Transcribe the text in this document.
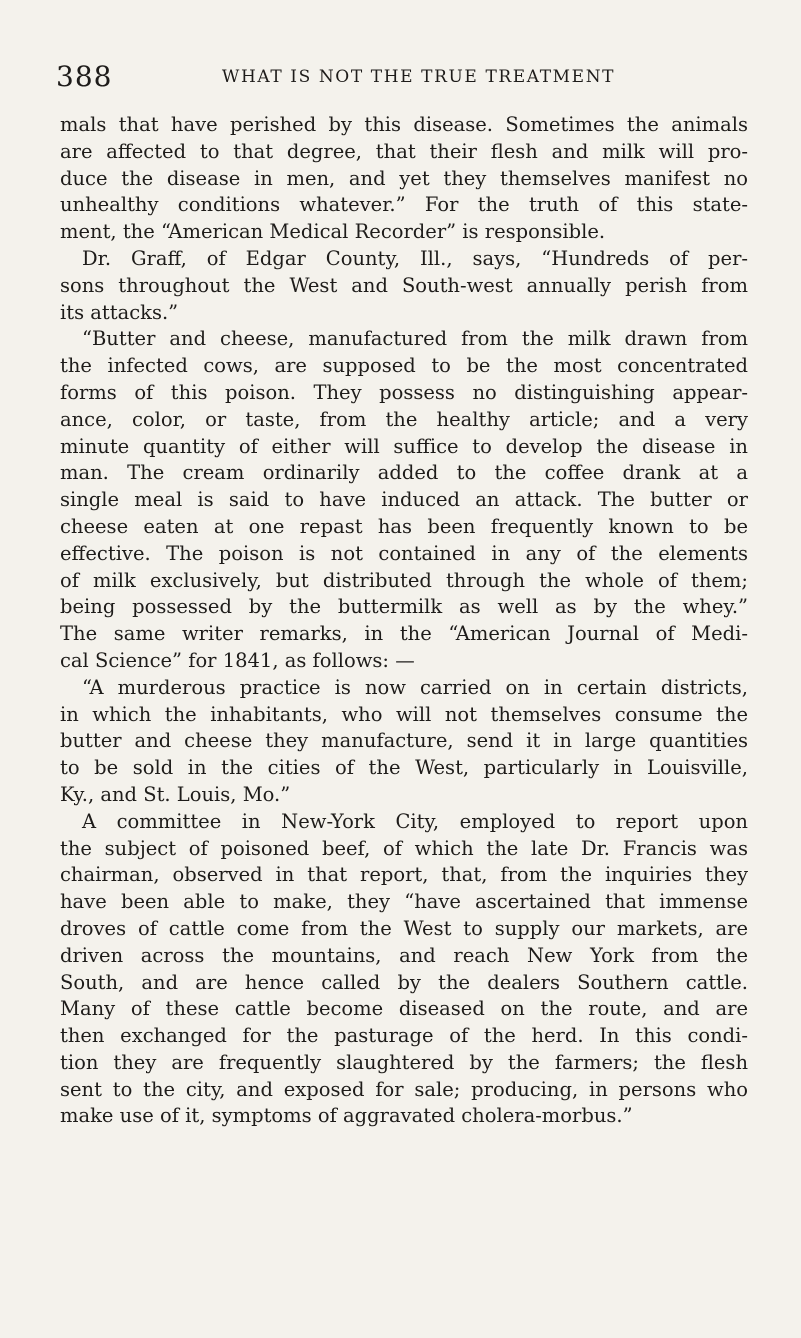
388	WHAT IS NOT THE TRUE TREATMENT
mals that have perished by this disease. Sometimes the animals
are affected to that degree, that their flesh and milk will pro-
duce the disease in men, and yet they themselves manifest no
unhealthy conditions whatever.” For the truth of this state-
ment, the “American Medical Recorder” is responsible.
Dr. Graff, of Edgar County, Ill., says, “Hundreds of per-
sons throughout the West and South-west annually perish from
its attacks.”
“Butter and cheese, manufactured from the milk drawn from
the infected cows, are supposed to be the most concentrated
forms of this poison. They possess no distinguishing appear-
ance, color, or taste, from the healthy article; and a very
minute quantity of either will suffice to develop the disease in
man. The cream ordinarily added to the coffee drank at a
single meal is said to have induced an attack. The butter or
cheese eaten at one repast has been frequently known to be
effective. The poison is not contained in any of the elements
of milk exclusively, but distributed through the whole of them;
being possessed by the buttermilk as well as by the whey.”
The same writer remarks, in the “American Journal of Medi-
cal Science” for 1841, as follows: —
“A murderous practice is now carried on in certain districts,
in which the inhabitants, who will not themselves consume the
butter and cheese they manufacture, send it in large quantities
to be sold in the cities of the West, particularly in Louisville,
Ky., and St. Louis, Mo.”
A committee in New-York City, employed to report upon
the subject of poisoned beef, of which the late Dr. Francis was
chairman, observed in that report, that, from the inquiries they
have been able to make, they “have ascertained that immense
droves of cattle come from the West to supply our markets, are
driven across the mountains, and reach New York from the
South, and are hence called by the dealers Southern cattle.
Many of these cattle become diseased on the route, and are
then exchanged for the pasturage of the herd. In this condi-
tion they are frequently slaughtered by the farmers; the flesh
sent to the city, and exposed for sale; producing, in persons who
make use of it, symptoms of aggravated cholera-morbus.”
